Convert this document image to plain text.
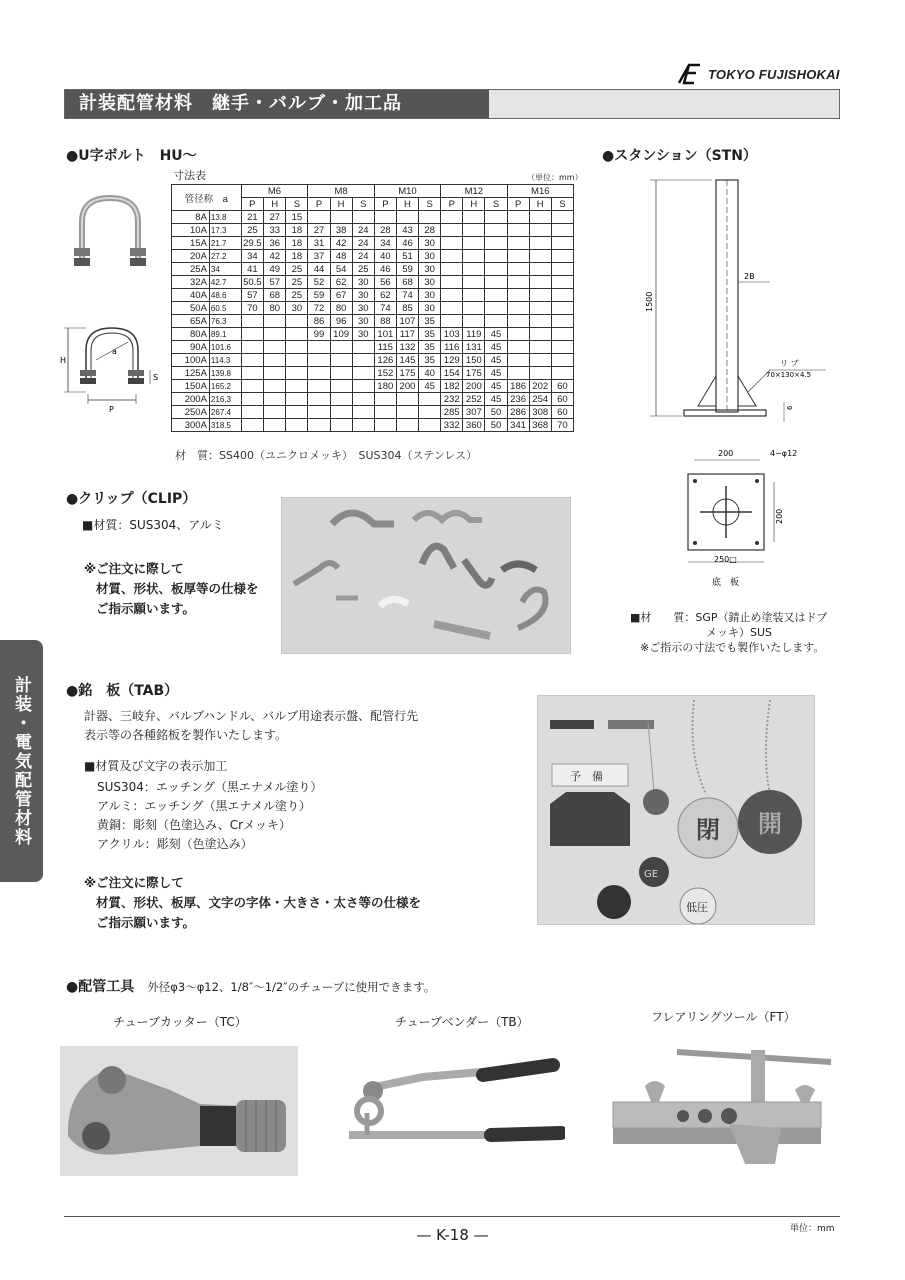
TOKYO FUJISHOKAI
計装配管材料　継手・バルブ・加工品
●U字ボルト　HU〜
H
a
S
P
寸法表	（単位：mm）
管径称　 a		M6			M8			M10			M12			M16		
		P	H	S	P	H	S	P	H	S	P	H	S	P	H	S
8A	13.8	21	27	15												
10A	17.3	25	33	18	27	38	24	28	43	28						
15A	21.7	29.5	36	18	31	42	24	34	46	30						
20A	27.2	34	42	18	37	48	24	40	51	30						
25A	34	41	49	25	44	54	25	46	59	30						
32A	42.7	50.5	57	25	52	62	30	56	68	30						
40A	48.6	57	68	25	59	67	30	62	74	30						
50A	60.5	70	80	30	72	80	30	74	85	30						
65A	76.3				86	96	30	88	107	35						
80A	89.1				99	109	30	101	117	35	103	119	45			
90A	101.6							115	132	35	116	131	45			
100A	114.3							126	145	35	129	150	45			
125A	139.8							152	175	40	154	175	45			
150A	165.2							180	200	45	182	200	45	186	202	60
200A	216.3										232	252	45	236	254	60
250A	267.4										285	307	50	286	308	60
300A	318.5										332	360	50	341	368	70
材　質：SS400（ユニクロメッキ）　SUS304（ステンレス）
●スタンション（STN）
1500
2B
リ ブ
70×130×4.5
6
200	4−φ12
200
250□
底　板
■材　　質：SGP（錆止め塗装又はドブ
メッキ）SUS
※ご指示の寸法でも製作いたします。
●クリップ（CLIP）
■材質：SUS304、アルミ
※ご注文に際して
材質、形状、板厚等の仕様を
ご指示願います。
●銘　板（TAB）
計器、三岐弁、バルブハンドル、バルブ用途表示盤、配管行先
表示等の各種銘板を製作いたします。
■材質及び文字の表示加工
SUS304：エッチング（黒エナメル塗り）
アルミ：エッチング（黒エナメル塗り）
黄銅：彫刻（色塗込み、Crメッキ）
アクリル：彫刻（色塗込み）
※ご注文に際して
材質、形状、板厚、文字の字体・大きさ・太さ等の仕様を
ご指示願います。
予　備
閉 開
GE
低圧
計装・電気配管材料
●配管工具 外径φ3〜φ12、1/8″〜1/2″のチューブに使用できます。
チューブカッター（TC）	チューブベンダー（TB）	フレアリングツール（FT）
単位：mm
— K-18 —
